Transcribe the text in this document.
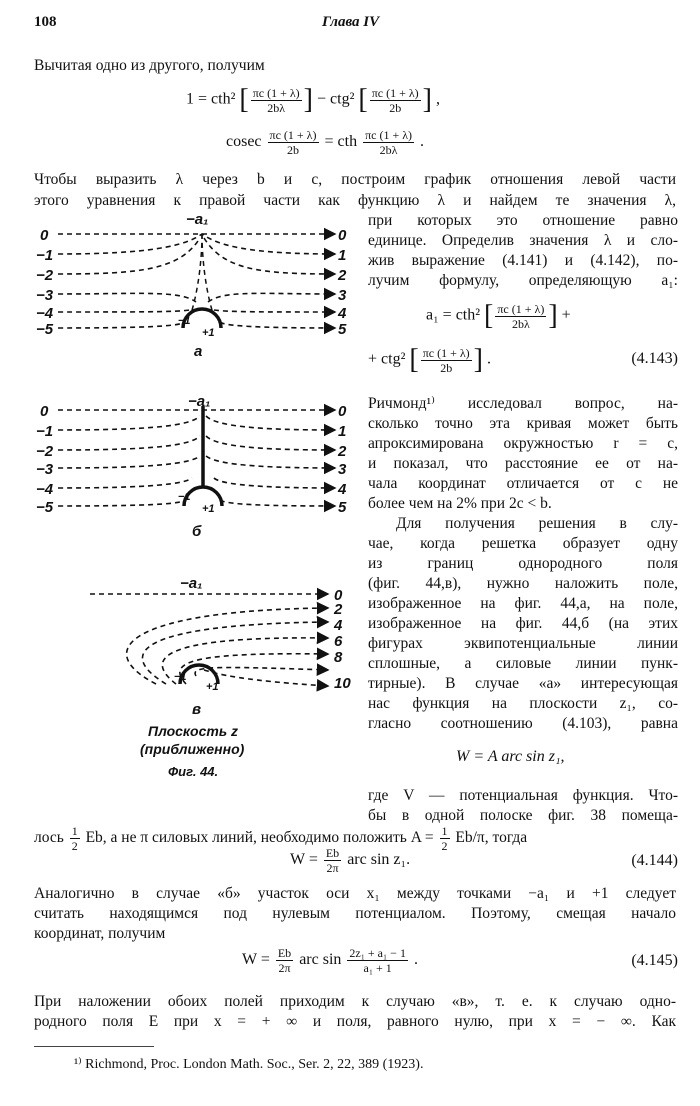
108	Глава IV
Вычитая одно из другого, получим
1 = cth² [ $\frac{\pi c (1 + \lambda)}{2b\lambda}$ ] − ctg² [ $\frac{\pi c (1 + \lambda)}{2b}$ ] ,
cosec $\frac{\pi c (1 + \lambda)}{2b}$ = cth $\frac{\pi c (1 + \lambda)}{2b\lambda}$ .
Чтобы выразить λ через b и c, построим график отношения левой части
этого уравнения к правой части как функцию λ и найдем те значения λ,
при которых это отношение равно
единице. Определив значения λ и сло-
жив выражение (4.141) и (4.142), по-
лучим формулу, определяющую a₁:
a₁ = cth² [ $\frac{\pi c (1 + \lambda)}{2b\lambda}$ ] +
+ ctg² [ $\frac{\pi c (1 + \lambda)}{2b}$ ] .	(4.143)
Ричмонд¹⁾ исследовал вопрос, на-
сколько точно эта кривая может быть
апроксимирована окружностью r = c,
и показал, что расстояние ее от на-
чала координат отличается от c не
более чем на 2% при 2c < b.
Для получения решения в слу-
чае, когда решетка образует одну
из границ однородного поля
(фиг. 44,в), нужно наложить поле,
изображенное на фиг. 44,а, на поле,
изображенное на фиг. 44,б (на этих
фигурах эквипотенциальные линии
сплошные, а силовые линии пунк-
тирные). В случае «а» интересующая
нас функция на плоскости z₁, со-
гласно соотношению (4.103), равна
W = A arc sin z₁,
где V — потенциальная функция. Что-
бы в одной полоске фиг. 38 помеща-
лось $\frac{1}{2} Eb$, а не π силовых линий, необходимо положить $A = \frac{1}{2} Eb/\pi$, тогда
$W = \frac{Eb}{2\pi}$ arc sin z₁.	(4.144)
Аналогично в случае «б» участок оси x₁ между точками −a₁ и +1 следует
считать находящимся под нулевым потенциалом. Поэтому, смещая начало
координат, получим
$W = \frac{Eb}{2\pi}$ arc $\sin \frac{\text{2z₁ + a₁ − 1}}{\text{a₁ + 1}}$ .	(4.145)
При наложении обоих полей приходим к случаю «в», т. е. к случаю одно-
родного поля E при x = + ∞ и поля, равного нулю, при x = − ∞. Как
¹⁾ Richmond, Proc. London Math. Soc., Ser. 2, 22, 389 (1923).
0
−1
−2
−3
−4
−5
0
1
2
3
4
5
−a₁
−1
+1
а
0
−1
−2
−3
−4
−5
0
1
2
3
4
5
−a₁
−1
+1
б
0
2
4
6
8
10
−a₁
−1
+1
в
Плоскость z
(приближенно)
Фиг. 44.
